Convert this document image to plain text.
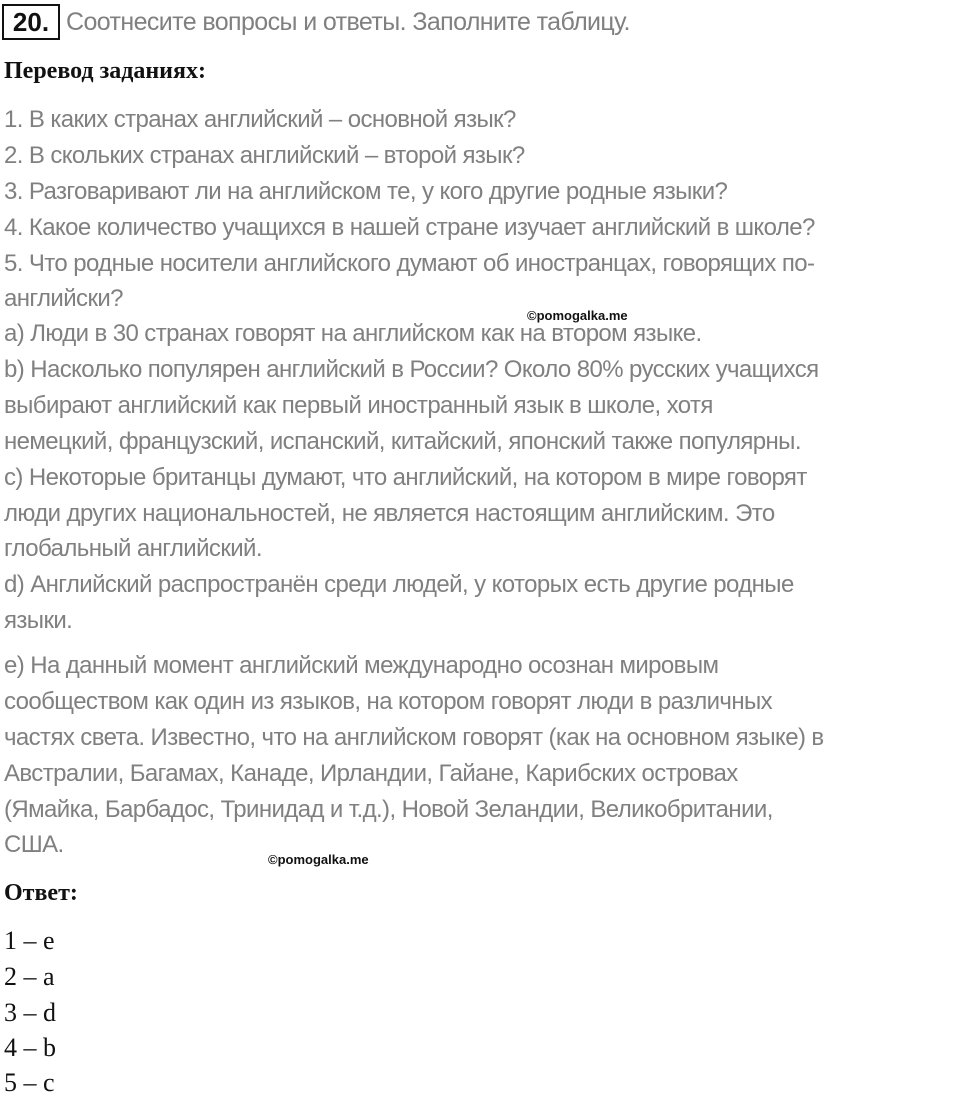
20. Соотнесите вопросы и ответы. Заполните таблицу.
Перевод заданиях:
1. В каких странах английский – основной язык?
2. В скольких странах английский – второй язык?
3. Разговаривают ли на английском те, у кого другие родные языки?
4. Какое количество учащихся в нашей стране изучает английский в школе?
5. Что родные носители английского думают об иностранцах, говорящих по-
английски?
©pomogalka.me
a) Люди в 30 странах говорят на английском как на втором языке.
b) Насколько популярен английский в России? Около 80% русских учащихся
выбирают английский как первый иностранный язык в школе, хотя
немецкий, французский, испанский, китайский, японский также популярны.
c) Некоторые британцы думают, что английский, на котором в мире говорят
люди других национальностей, не является настоящим английским. Это
глобальный английский.
d) Английский распространён среди людей, у которых есть другие родные
языки.
e) На данный момент английский международно осознан мировым
сообществом как один из языков, на котором говорят люди в различных
частях света. Известно, что на английском говорят (как на основном языке) в
Австралии, Багамах, Канаде, Ирландии, Гайане, Карибских островах
(Ямайка, Барбадос, Тринидад и т.д.), Новой Зеландии, Великобритании,
США.
©pomogalka.me
Ответ:
1 – e
2 – a
3 – d
4 – b
5 – c
